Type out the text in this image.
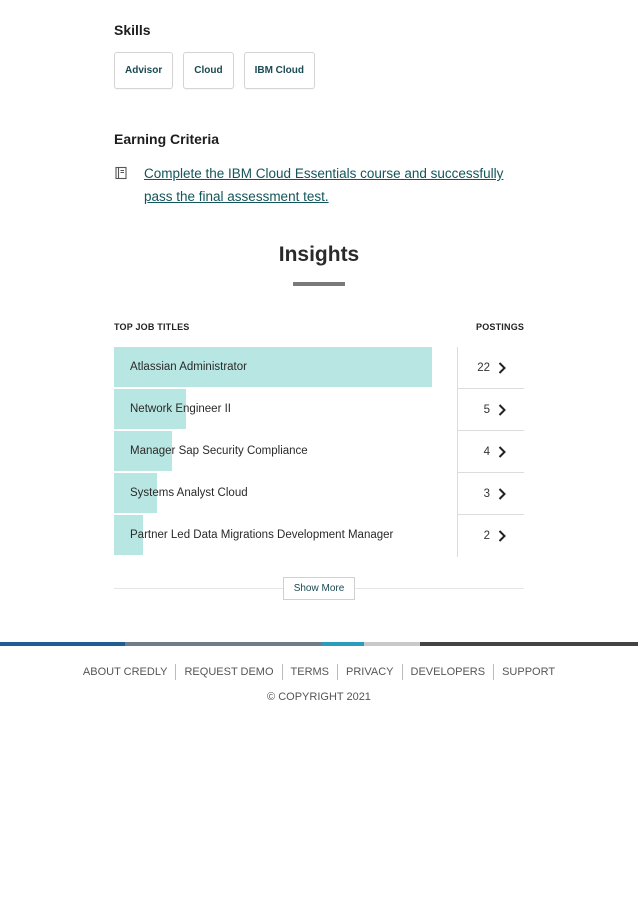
Skills
Advisor	Cloud	IBM Cloud
Earning Criteria
Complete the IBM Cloud Essentials course and successfully
pass the final assessment test.
Insights
TOP JOB TITLES	POSTINGS
Atlassian Administrator	22
Network Engineer II	5
Manager Sap Security Compliance	4
Systems Analyst Cloud	3
Partner Led Data Migrations Development Manager	2
Show More
ABOUT CREDLY	REQUEST DEMO	TERMS	PRIVACY	DEVELOPERS	SUPPORT
© COPYRIGHT 2021
